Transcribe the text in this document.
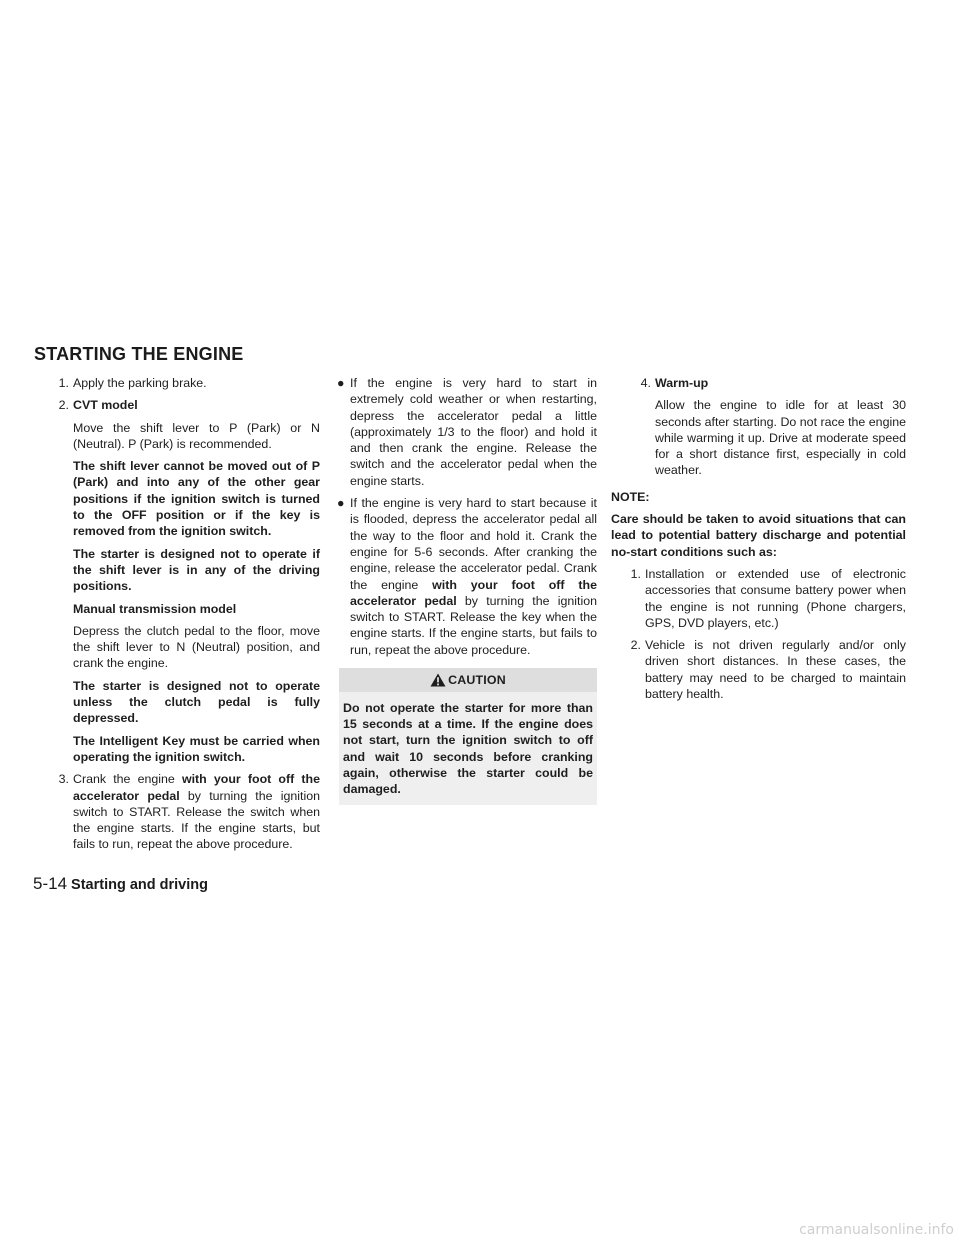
STARTING THE ENGINE
1. Apply the parking brake.
2. CVT model

Move the shift lever to P (Park) or N (Neutral). P (Park) is recommended.

The shift lever cannot be moved out of P (Park) and into any of the other gear positions if the ignition switch is turned to the OFF position or if the key is removed from the ignition switch.

The starter is designed not to operate if the shift lever is in any of the driving positions.

Manual transmission model

Depress the clutch pedal to the floor, move the shift lever to N (Neutral) position, and crank the engine.

The starter is designed not to operate unless the clutch pedal is fully depressed.

The Intelligent Key must be carried when operating the ignition switch.

3. Crank the engine with your foot off the accelerator pedal by turning the ignition switch to START. Release the switch when the engine starts. If the engine starts, but fails to run, repeat the above procedure.
● If the engine is very hard to start in extremely cold weather or when restarting, depress the accelerator pedal a little (approximately 1/3 to the floor) and hold it and then crank the engine. Release the switch and the accelerator pedal when the engine starts.
● If the engine is very hard to start because it is flooded, depress the accelerator pedal all the way to the floor and hold it. Crank the engine for 5-6 seconds. After cranking the engine, release the accelerator pedal. Crank the engine with your foot off the accelerator pedal by turning the ignition switch to START. Release the key when the engine starts. If the engine starts, but fails to run, repeat the above procedure.
CAUTION
Do not operate the starter for more than 15 seconds at a time. If the engine does not start, turn the ignition switch to off and wait 10 seconds before cranking again, otherwise the starter could be damaged.
4. Warm-up

Allow the engine to idle for at least 30 seconds after starting. Do not race the engine while warming it up. Drive at moderate speed for a short distance first, especially in cold weather.

NOTE:

Care should be taken to avoid situations that can lead to potential battery discharge and potential no-start conditions such as:

1. Installation or extended use of electronic accessories that consume battery power when the engine is not running (Phone chargers, GPS, DVD players, etc.)
2. Vehicle is not driven regularly and/or only driven short distances. In these cases, the battery may need to be charged to maintain battery health.
5-14 Starting and driving
carmanualsonline.info
